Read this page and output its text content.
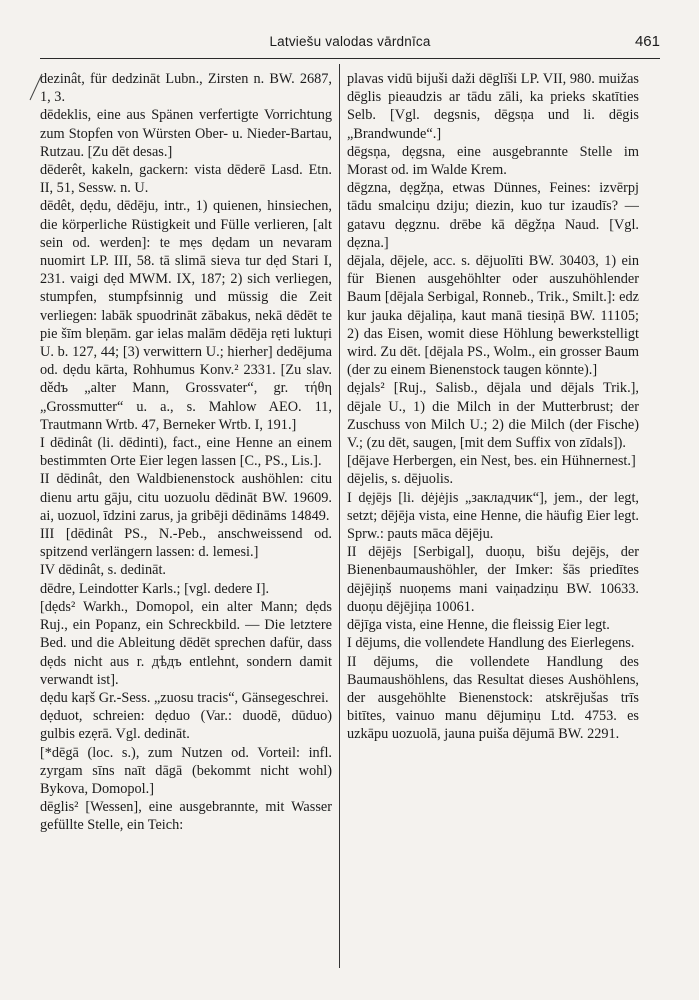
Latviešu valodas vārdnīca	461

dezinât, für dedzināt Lubn., Zirsten n. BW. 2687, 1, 3.

dēdeklis, eine aus Spänen verfertigte Vorrichtung zum Stopfen von Würsten Ober- u. Nieder-Bartau, Rutzau. [Zu dēt desas.]

dēderêt, kakeln, gackern: vista dēderē Lasd. Etn. II, 51, Sessw. n. U.

dēdêt, dẹdu, dēdēju, intr., 1) quienen, hinsiechen, die körperliche Rüstigkeit und Fülle verlieren, [alt sein od. werden]: te mẹs dẹdam un nevaram nuomirt LP. III, 58. tā slimā sieva tur dẹd Stari I, 231. vaigi dẹd MWM. IX, 187; 2) sich verliegen, stumpfen, stumpfsinnig und müssig die Zeit verliegen: labāk spuodrināt zābakus, nekā dēdēt te pie šīm bleņām. gar ielas malām dēdēja rẹti luktuŗi U. b. 127, 44; [3) verwittern U.; hierher] dedējuma od. dẹdu kārta, Rohhumus Konv.² 2331. [Zu slav. dědъ „alter Mann, Grossvater“, gr. τήθη „Grossmutter“ u. a., s. Mahlow AEO. 11, Trautmann Wrtb. 47, Berneker Wrtb. I, 191.]

I dēdinât (li. dēdinti), fact., eine Henne an einem bestimmten Orte Eier legen lassen [C., PS., Lis.].

II dēdinât, den Waldbienenstock aushöhlen: citu dienu artu gāju, citu uozuolu dēdināt BW. 19609. ai, uozuol, īdzini zarus, ja gribēji dēdināms 14849.

III [dēdinât PS., N.-Peb., anschweissend od. spitzend verlängern lassen: d. lemesi.]

IV dēdinât, s. dedināt.

dēdre, Leindotter Karls.; [vgl. dedere I].

[dẹds² Warkh., Domopol, ein alter Mann; dẹds Ruj., ein Popanz, ein Schreckbild. — Die letztere Bed. und die Ableitung dēdēt sprechen dafür, dass dẹds nicht aus r. дѣдъ entlehnt, sondern damit verwandt ist].

dẹdu kaŗš Gr.-Sess. „zuosu tracis“, Gänsegeschrei.

dẹduot, schreien: dẹduo (Var.: duodē, dūduo) gulbis ezẹrā. Vgl. dedināt.

[*dēgā (loc. s.), zum Nutzen od. Vorteil: infl. zyrgam sīns naīt dāgā (bekommt nicht wohl) Bykova, Domopol.]

dēglis² [Wessen], eine ausgebrannte, mit Wasser gefüllte Stelle, ein Teich:

plavas vidū bijuši daži dēglīši LP. VII, 980. muižas dēglis pieaudzis ar tādu zāli, ka prieks skatīties Selb. [Vgl. degsnis, dēgsņa und li. dēgis „Brandwunde“.]

dēgsņa, dẹgsna, eine ausgebrannte Stelle im Morast od. im Walde Krem.

dēgzna, dẹgžņa, etwas Dünnes, Feines: izvērpj tādu smalciņu dziju; diezin, kuo tur izaudīs? — gatavu dẹgznu. drēbe kā dēgžņa Naud. [Vgl. dẹzna.]

dējala, dējele, acc. s. dējuolīti BW. 30403, 1) ein für Bienen ausgehöhlter oder auszuhöhlender Baum [dējala Serbigal, Ronneb., Trik., Smilt.]: edz kur jauka dējaliņa, kaut manā tiesiņā BW. 11105; 2) das Eisen, womit diese Höhlung bewerkstelligt wird. Zu dēt. [dējala PS., Wolm., ein grosser Baum (der zu einem Bienenstock taugen könnte).]

dẹjals² [Ruj., Salisb., dējala und dējals Trik.], dējale U., 1) die Milch in der Mutterbrust; der Zuschuss von Milch U.; 2) die Milch (der Fische) V.; (zu dēt, saugen, [mit dem Suffix von zīdals]).

[dējave Herbergen, ein Nest, bes. ein Hühnernest.]

dējelis, s. dējuolis.

I dẹjējs [li. dėjėjis „закладчик“], jem., der legt, setzt; dējēja vista, eine Henne, die häufig Eier legt. Sprw.: pauts māca dējēju.

II dējējs [Serbigal], duoņu, bišu dejējs, der Bienenbaumaushöhler, der Imker: šās priedītes dējējiņš nuoņems mani vaiņadziņu BW. 10633. duoņu dējējiņa 10061.

dējīga vista, eine Henne, die fleissig Eier legt.

I dējums, die vollendete Handlung des Eierlegens.

II dējums, die vollendete Handlung des Baumaushöhlens, das Resultat dieses Aushöhlens, der ausgehöhlte Bienenstock: atskrējušas trīs bitītes, vainuo manu dējumiņu Ltd. 4753. es uzkāpu uozuolā, jauna puiša dējumā BW. 2291.
